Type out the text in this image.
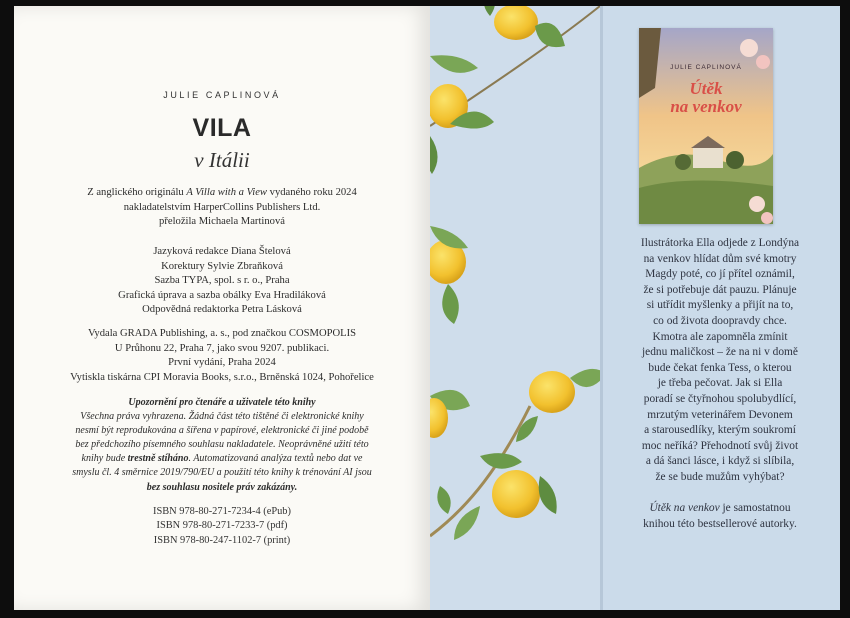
JULIE CAPLINOVÁ
VILA
v Itálii
Z anglického originálu A Villa with a View vydaného roku 2024
nakladatelstvím HarperCollins Publishers Ltd.
přeložila Michaela Martinová
Jazyková redakce Diana Štelová
Korektury Sylvie Zbraňková
Sazba TYPA, spol. s r. o., Praha
Grafická úprava a sazba obálky Eva Hradiláková
Odpovědná redaktorka Petra Lásková
Vydala GRADA Publishing, a. s., pod značkou COSMOPOLIS
U Průhonu 22, Praha 7, jako svou 9207. publikaci.
První vydání, Praha 2024
Vytiskla tiskárna CPI Moravia Books, s.r.o., Brněnská 1024, Pohořelice
Upozornění pro čtenáře a uživatele této knihy
Všechna práva vyhrazena. Žádná část této tištěné či elektronické knihy
nesmí být reprodukována a šířena v papírové, elektronické či jiné podobě
bez předchozího písemného souhlasu nakladatele. Neoprávněné užití této
knihy bude trestně stíháno. Automatizovaná analýza textů nebo dat ve
smyslu čl. 4 směrnice 2019/790/EU a použití této knihy k trénování AI jsou
bez souhlasu nositele práv zakázány.
ISBN 978-80-271-7234-4 (ePub)
ISBN 978-80-271-7233-7 (pdf)
ISBN 978-80-247-1102-7 (print)
JULIE CAPLINOVÁ
Útěk
na venkov
Ilustrátorka Ella odjede z Londýna
na venkov hlídat dům své kmotry
Magdy poté, co jí přítel oznámil,
že si potřebuje dát pauzu. Plánuje
si utřídit myšlenky a přijít na to,
co od života doopravdy chce.
Kmotra ale zapomněla zmínit
jednu maličkost – že na ni v domě
bude čekat fenka Tess, o kterou
je třeba pečovat. Jak si Ella
poradí se čtyřnohou spolubydlící,
mrzutým veterinářem Devonem
a starousedlíky, kterým soukromí
moc neříká? Přehodnotí svůj život
a dá šanci lásce, i když si slíbila,
že se bude mužům vyhýbat?
Útěk na venkov je samostatnou
knihou této bestsellerové autorky.
